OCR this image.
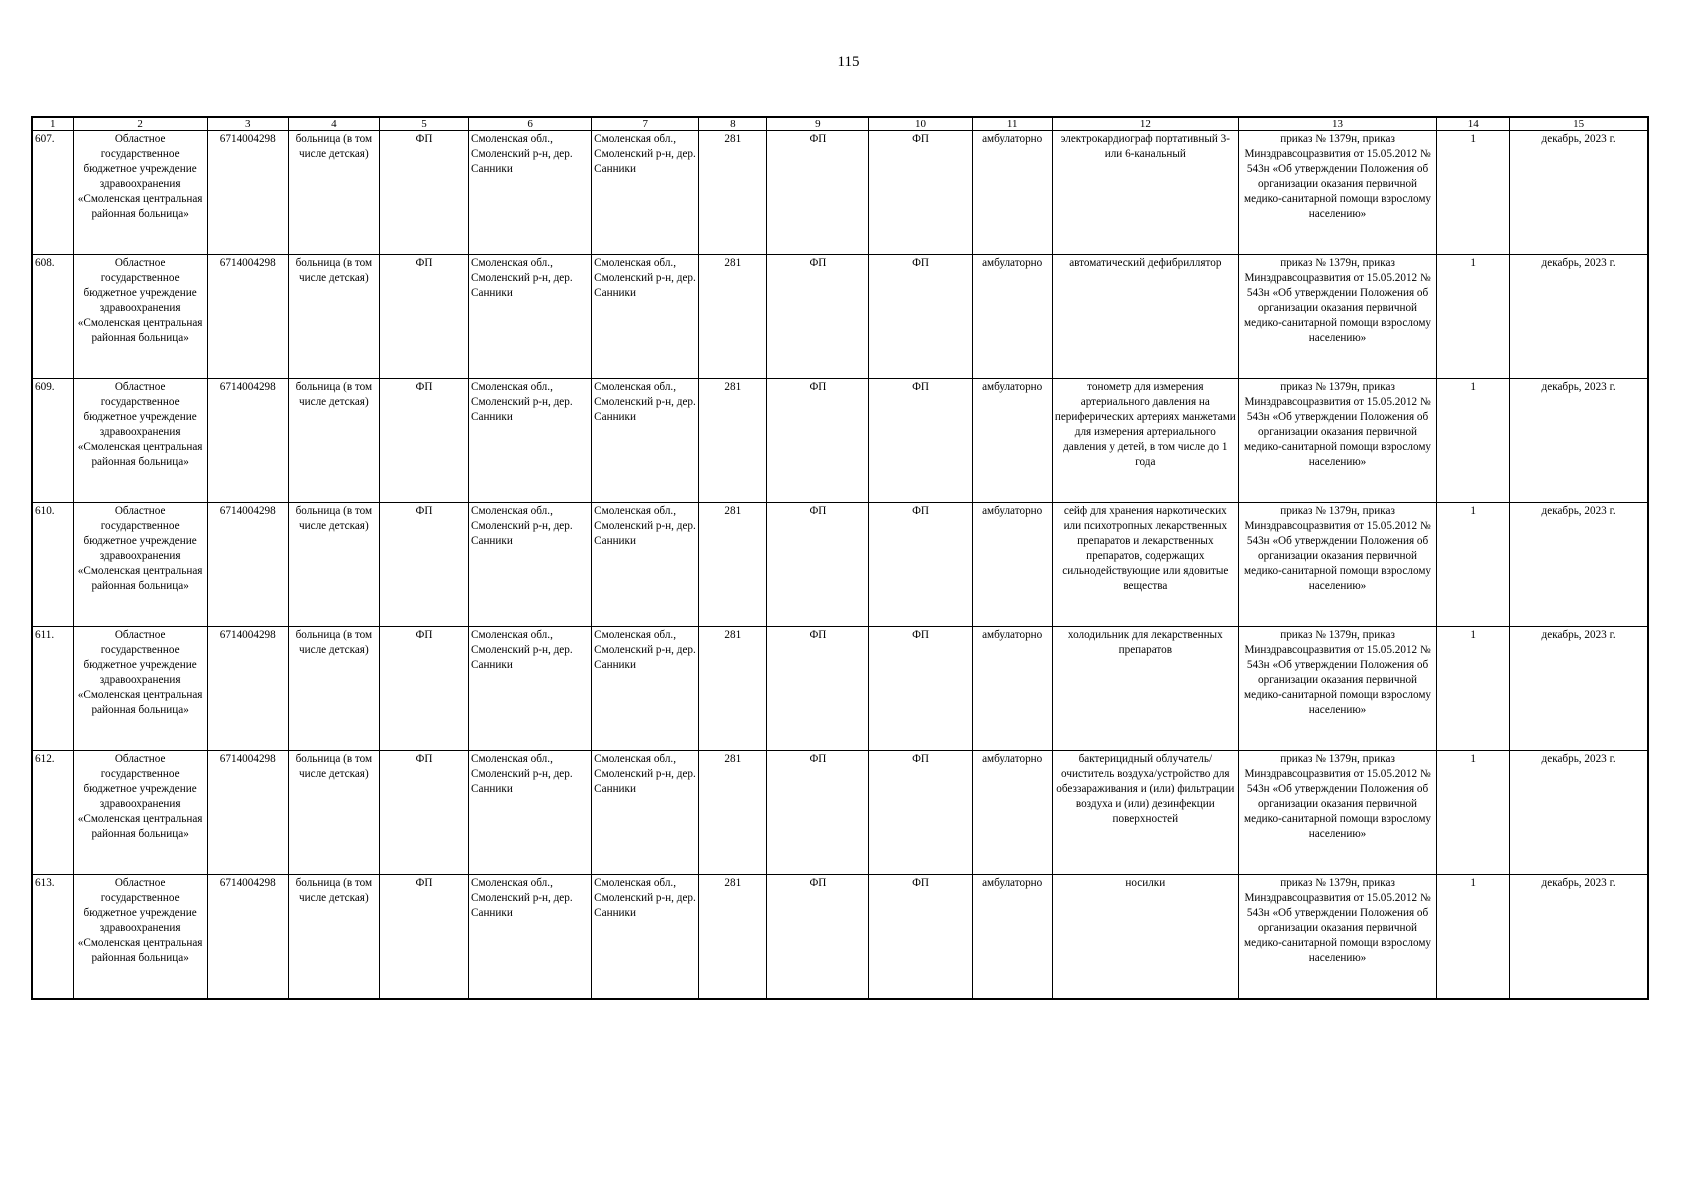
115
1	2	3	4	5	6	7	8	9	10	11	12	13	14	15
607.	Областное государственное бюджетное учреждение здравоохранения «Смоленская центральная районная больница»	6714004298	больница (в том числе детская)	ФП	Смоленская обл., Смоленский р-н, дер. Санники	Смоленская обл., Смоленский р-н, дер. Санники	281	ФП	ФП	амбулаторно	электрокардиограф портативный 3- или 6-канальный	приказ № 1379н, приказ Минздравсоцразвития от 15.05.2012 № 543н «Об утверждении Положения об организации оказания первичной медико-санитарной помощи взрослому населению»	1	декабрь, 2023 г.
608.	Областное государственное бюджетное учреждение здравоохранения «Смоленская центральная районная больница»	6714004298	больница (в том числе детская)	ФП	Смоленская обл., Смоленский р-н, дер. Санники	Смоленская обл., Смоленский р-н, дер. Санники	281	ФП	ФП	амбулаторно	автоматический дефибриллятор	приказ № 1379н, приказ Минздравсоцразвития от 15.05.2012 № 543н «Об утверждении Положения об организации оказания первичной медико-санитарной помощи взрослому населению»	1	декабрь, 2023 г.
609.	Областное государственное бюджетное учреждение здравоохранения «Смоленская центральная районная больница»	6714004298	больница (в том числе детская)	ФП	Смоленская обл., Смоленский р-н, дер. Санники	Смоленская обл., Смоленский р-н, дер. Санники	281	ФП	ФП	амбулаторно	тонометр для измерения артериального давления на периферических артериях манжетами для измерения артериального давления у детей, в том числе до 1 года	приказ № 1379н, приказ Минздравсоцразвития от 15.05.2012 № 543н «Об утверждении Положения об организации оказания первичной медико-санитарной помощи взрослому населению»	1	декабрь, 2023 г.
610.	Областное государственное бюджетное учреждение здравоохранения «Смоленская центральная районная больница»	6714004298	больница (в том числе детская)	ФП	Смоленская обл., Смоленский р-н, дер. Санники	Смоленская обл., Смоленский р-н, дер. Санники	281	ФП	ФП	амбулаторно	сейф для хранения наркотических или психотропных лекарственных препаратов и лекарственных препаратов, содержащих сильнодействующие или ядовитые вещества	приказ № 1379н, приказ Минздравсоцразвития от 15.05.2012 № 543н «Об утверждении Положения об организации оказания первичной медико-санитарной помощи взрослому населению»	1	декабрь, 2023 г.
611.	Областное государственное бюджетное учреждение здравоохранения «Смоленская центральная районная больница»	6714004298	больница (в том числе детская)	ФП	Смоленская обл., Смоленский р-н, дер. Санники	Смоленская обл., Смоленский р-н, дер. Санники	281	ФП	ФП	амбулаторно	холодильник для лекарственных препаратов	приказ № 1379н, приказ Минздравсоцразвития от 15.05.2012 № 543н «Об утверждении Положения об организации оказания первичной медико-санитарной помощи взрослому населению»	1	декабрь, 2023 г.
612.	Областное государственное бюджетное учреждение здравоохранения «Смоленская центральная районная больница»	6714004298	больница (в том числе детская)	ФП	Смоленская обл., Смоленский р-н, дер. Санники	Смоленская обл., Смоленский р-н, дер. Санники	281	ФП	ФП	амбулаторно	бактерицидный облучатель/очиститель воздуха/устройство для обеззараживания и (или) фильтрации воздуха и (или) дезинфекции поверхностей	приказ № 1379н, приказ Минздравсоцразвития от 15.05.2012 № 543н «Об утверждении Положения об организации оказания первичной медико-санитарной помощи взрослому населению»	1	декабрь, 2023 г.
613.	Областное государственное бюджетное учреждение здравоохранения «Смоленская центральная районная больница»	6714004298	больница (в том числе детская)	ФП	Смоленская обл., Смоленский р-н, дер. Санники	Смоленская обл., Смоленский р-н, дер. Санники	281	ФП	ФП	амбулаторно	носилки	приказ № 1379н, приказ Минздравсоцразвития от 15.05.2012 № 543н «Об утверждении Положения об организации оказания первичной медико-санитарной помощи взрослому населению»	1	декабрь, 2023 г.
